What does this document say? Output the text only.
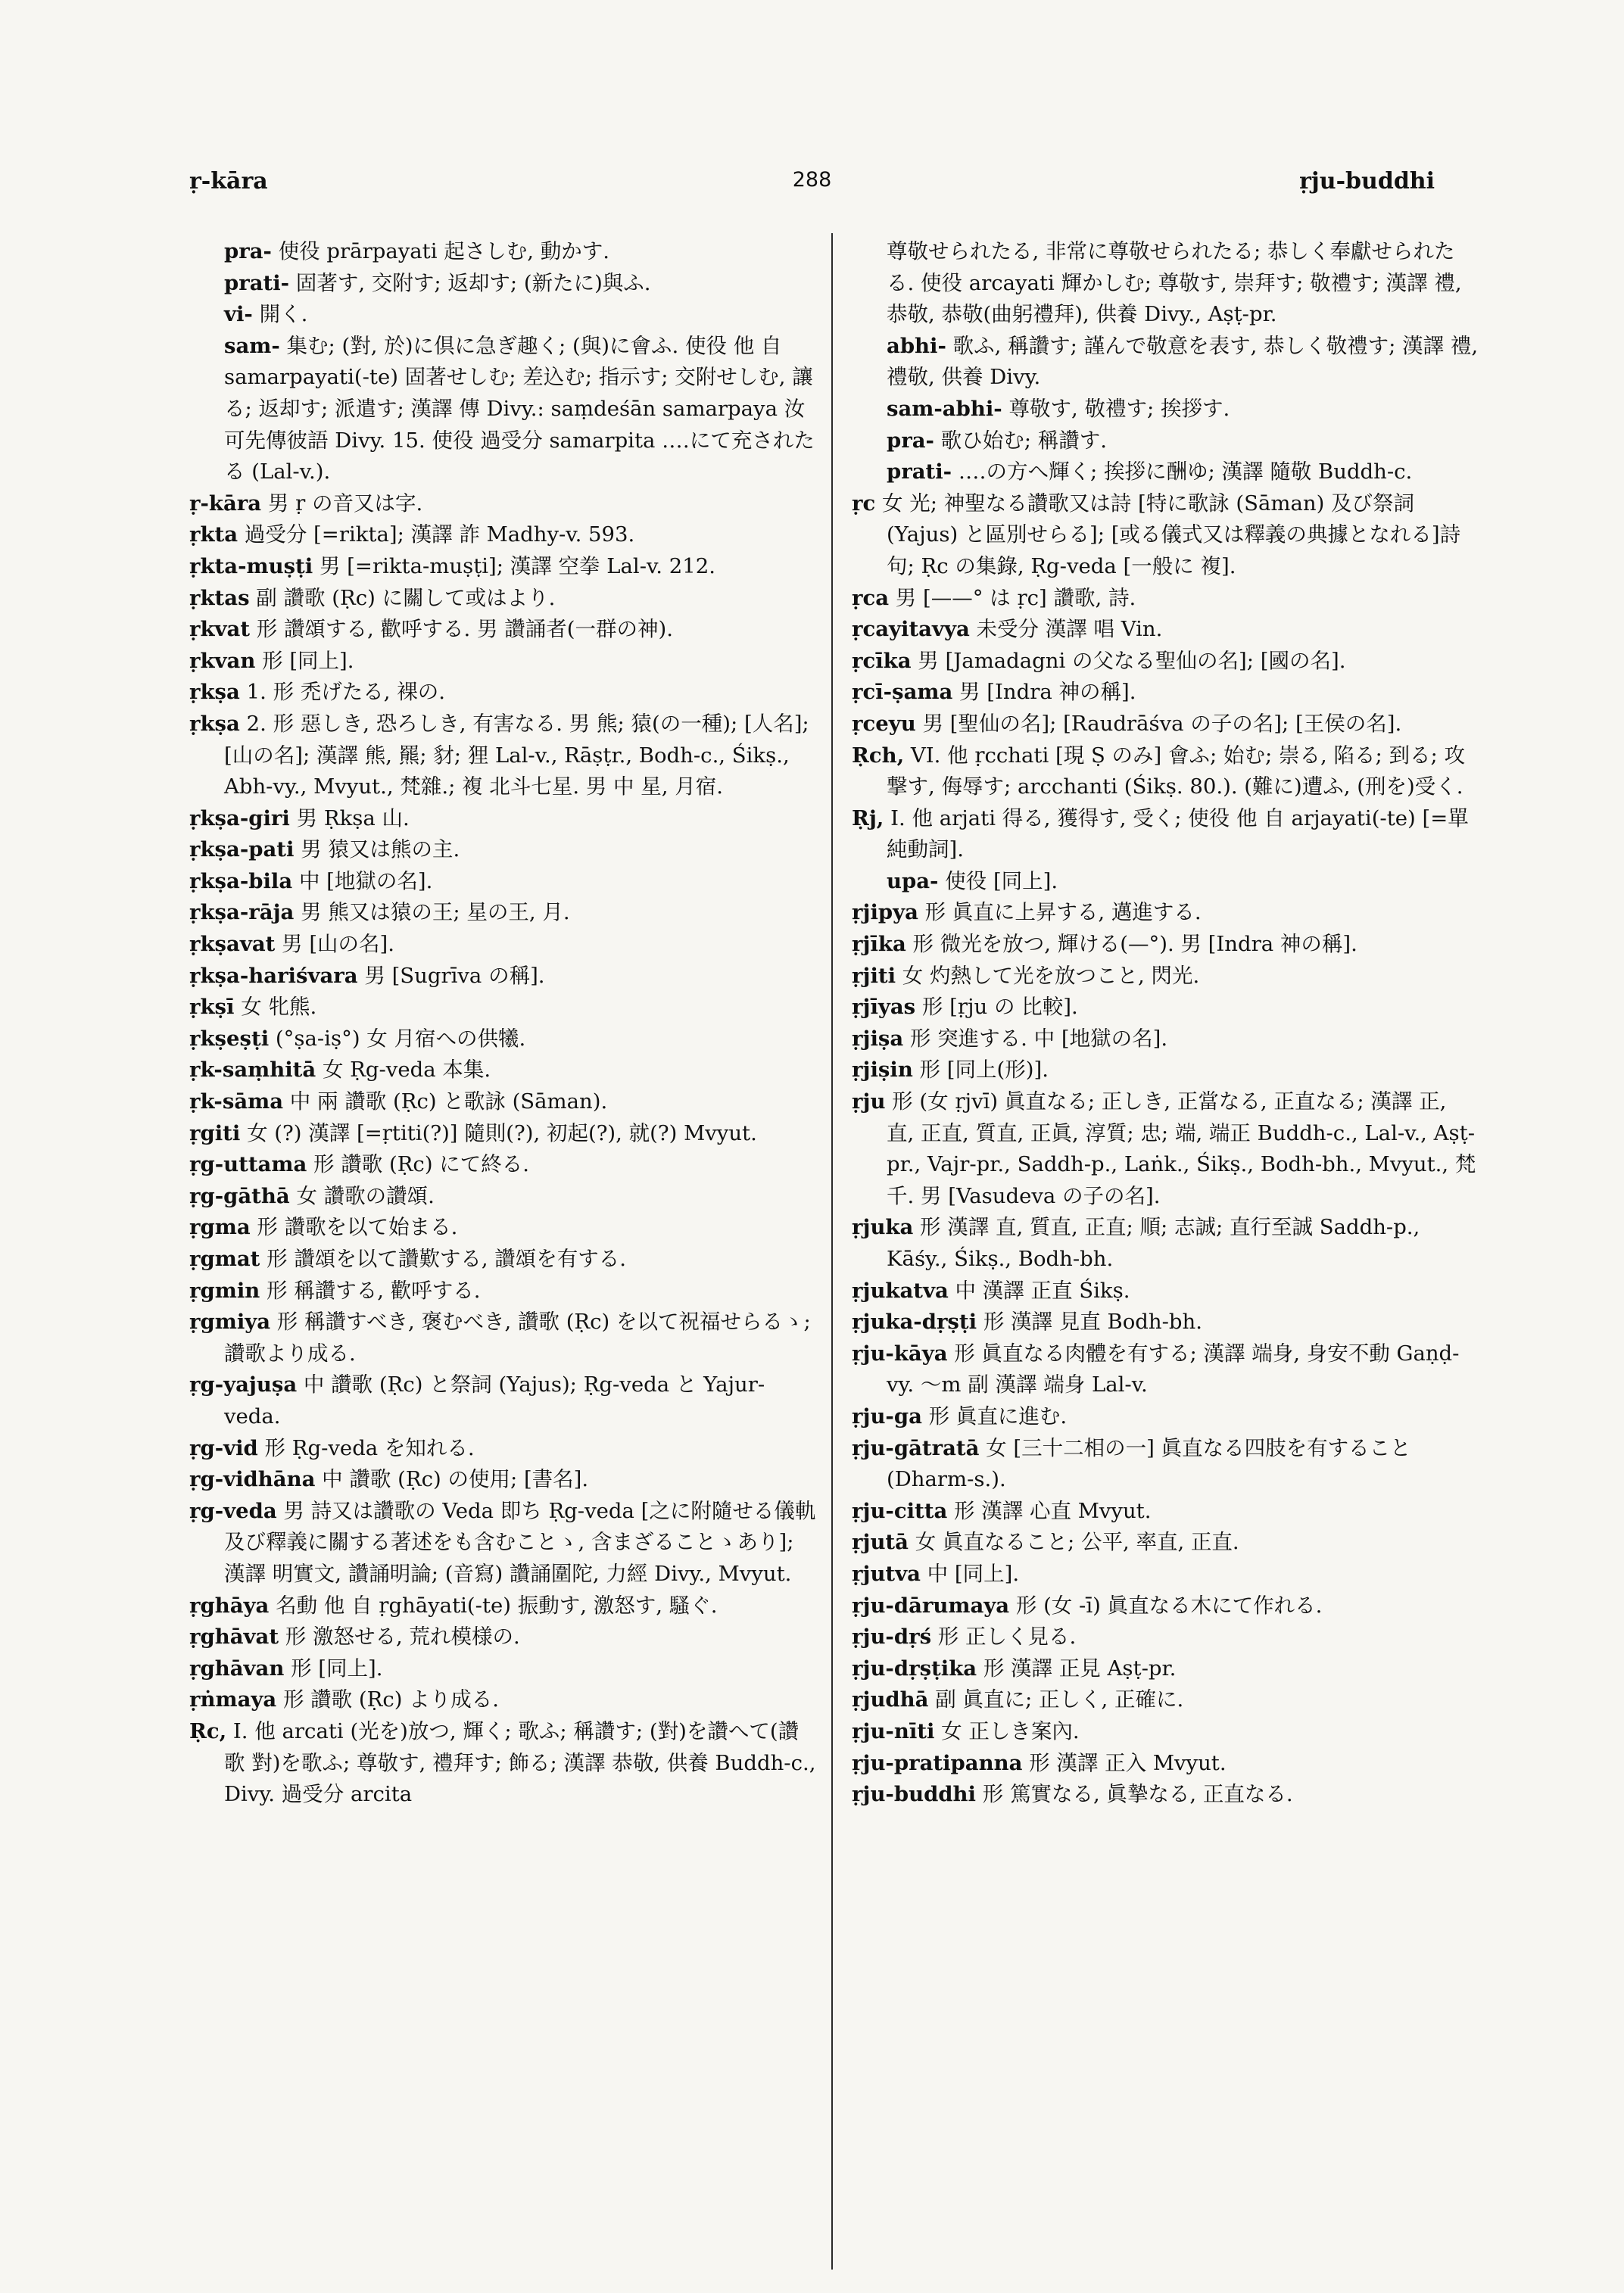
ṛ-kāra	288	ṛju-buddhi
pra- 使役 prārpayati 起さしむ, 動かす.
prati- 固著す, 交附す; 返却す; (新たに)與ふ.
vi- 開く.
sam- 集む; (對, 於)に倶に急ぎ趣く; (與)に會ふ. 使役 他 自 samarpayati(-te) 固著せしむ; 差込む; 指示す; 交附せしむ, 讓る; 返却す; 派遣す; 漢譯 傳 Divy.: saṃdeśān samarpaya 汝可先傳彼語 Divy. 15. 使役 過受分 samarpita ‥‥にて充されたる (Lal-v.).
ṛ-kāra 男 ṛ の音又は字.
ṛkta 過受分 [=rikta]; 漢譯 詐 Madhy-v. 593.
ṛkta-muṣṭi 男 [=rikta-muṣṭi]; 漢譯 空拳 Lal-v. 212.
ṛktas 副 讚歌 (Ṛc) に關して或はより.
ṛkvat 形 讚頌する, 歡呼する. 男 讚誦者(一群の神).
ṛkvan 形 [同上].
ṛkṣa 1. 形 禿げたる, 裸の.
ṛkṣa 2. 形 惡しき, 恐ろしき, 有害なる. 男 熊; 猿(の一種); [人名]; [山の名]; 漢譯 熊, 羆; 豺; 狸 Lal-v., Rāṣṭr., Bodh-c., Śikṣ., Abh-vy., Mvyut., 梵雜.; 複 北斗七星. 男 中 星, 月宿.
ṛkṣa-giri 男 Ṛkṣa 山.
ṛkṣa-pati 男 猿又は熊の主.
ṛkṣa-bila 中 [地獄の名].
ṛkṣa-rāja 男 熊又は猿の王; 星の王, 月.
ṛkṣavat 男 [山の名].
ṛkṣa-hariśvara 男 [Sugrīva の稱].
ṛkṣī 女 牝熊.
ṛkṣeṣṭi (°ṣa-iṣ°) 女 月宿への供犧.
ṛk-saṃhitā 女 Ṛg-veda 本集.
ṛk-sāma 中 兩 讚歌 (Ṛc) と歌詠 (Sāman).
ṛgiti 女 (?) 漢譯 [=ṛtiti(?)] 隨則(?), 初起(?), 就(?) Mvyut.
ṛg-uttama 形 讚歌 (Ṛc) にて終る.
ṛg-gāthā 女 讚歌の讚頌.
ṛgma 形 讚歌を以て始まる.
ṛgmat 形 讚頌を以て讚歎する, 讚頌を有する.
ṛgmin 形 稱讚する, 歡呼する.
ṛgmiya 形 稱讚すべき, 褒むべき, 讚歌 (Ṛc) を以て祝福せらるゝ; 讚歌より成る.
ṛg-yajuṣa 中 讚歌 (Ṛc) と祭詞 (Yajus); Ṛg-veda と Yajur-veda.
ṛg-vid 形 Ṛg-veda を知れる.
ṛg-vidhāna 中 讚歌 (Ṛc) の使用; [書名].
ṛg-veda 男 詩又は讚歌の Veda 即ち Ṛg-veda [之に附隨せる儀軌及び釋義に關する著述をも含むことゝ, 含まざることゝあり]; 漢譯 明實文, 讚誦明論; (音寫) 讚誦圍陀, 力經 Divy., Mvyut.
ṛghāya 名動 他 自 ṛghāyati(-te) 振動す, 激怒す, 騷ぐ.
ṛghāvat 形 激怒せる, 荒れ模様の.
ṛghāvan 形 [同上].
ṛṅmaya 形 讚歌 (Ṛc) より成る.
Ṛc, I. 他 arcati (光を)放つ, 輝く; 歌ふ; 稱讚す; (對)を讚へて(讚歌 對)を歌ふ; 尊敬す, 禮拜す; 飾る; 漢譯 恭敬, 供養 Buddh-c., Divy. 過受分 arcita
尊敬せられたる, 非常に尊敬せられたる; 恭しく奉獻せられたる. 使役 arcayati 輝かしむ; 尊敬す, 崇拜す; 敬禮す; 漢譯 禮, 恭敬, 恭敬(曲躬禮拜), 供養 Divy., Aṣṭ-pr.
abhi- 歌ふ, 稱讚す; 謹んで敬意を表す, 恭しく敬禮す; 漢譯 禮, 禮敬, 供養 Divy.
sam-abhi- 尊敬す, 敬禮す; 挨拶す.
pra- 歌ひ始む; 稱讚す.
prati- ‥‥の方へ輝く; 挨拶に酬ゆ; 漢譯 隨敬 Buddh-c.
ṛc 女 光; 神聖なる讚歌又は詩 [特に歌詠 (Sāman) 及び祭詞 (Yajus) と區別せらる]; [或る儀式又は釋義の典據となれる]詩句; Ṛc の集錄, Ṛg-veda [一般に 複].
ṛca 男 [——° は ṛc] 讚歌, 詩.
ṛcayitavya 未受分 漢譯 唱 Vin.
ṛcīka 男 [Jamadagni の父なる聖仙の名]; [國の名].
ṛcī-ṣama 男 [Indra 神の稱].
ṛceyu 男 [聖仙の名]; [Raudrāśva の子の名]; [王侯の名].
Ṛch, VI. 他 ṛcchati [現 Ṣ のみ] 會ふ; 始む; 崇る, 陷る; 到る; 攻撃す, 侮辱す; arcchanti (Śikṣ. 80.). (難に)遭ふ, (刑を)受く.
Ṛj, I. 他 arjati 得る, 獲得す, 受く; 使役 他 自 arjayati(-te) [=單純動詞].
upa- 使役 [同上].
ṛjipya 形 眞直に上昇する, 邁進する.
ṛjīka 形 微光を放つ, 輝ける(—°). 男 [Indra 神の稱].
ṛjiti 女 灼熱して光を放つこと, 閃光.
ṛjīyas 形 [ṛju の 比較].
ṛjiṣa 形 突進する. 中 [地獄の名].
ṛjiṣin 形 [同上(形)].
ṛju 形 (女 ṛjvī) 眞直なる; 正しき, 正當なる, 正直なる; 漢譯 正, 直, 正直, 質直, 正眞, 淳質; 忠; 端, 端正 Buddh-c., Lal-v., Aṣṭ-pr., Vajr-pr., Saddh-p., Laṅk., Śikṣ., Bodh-bh., Mvyut., 梵千. 男 [Vasudeva の子の名].
ṛjuka 形 漢譯 直, 質直, 正直; 順; 志誠; 直行至誠 Saddh-p., Kāśy., Śikṣ., Bodh-bh.
ṛjukatva 中 漢譯 正直 Śikṣ.
ṛjuka-dṛṣṭi 形 漢譯 見直 Bodh-bh.
ṛju-kāya 形 眞直なる肉體を有する; 漢譯 端身, 身安不動 Gaṇḍ-vy. ～m 副 漢譯 端身 Lal-v.
ṛju-ga 形 眞直に進む.
ṛju-gātratā 女 [三十二相の一] 眞直なる四肢を有すること (Dharm-s.).
ṛju-citta 形 漢譯 心直 Mvyut.
ṛjutā 女 眞直なること; 公平, 率直, 正直.
ṛjutva 中 [同上].
ṛju-dārumaya 形 (女 -ī) 眞直なる木にて作れる.
ṛju-dṛś 形 正しく見る.
ṛju-dṛṣṭika 形 漢譯 正見 Aṣṭ-pr.
ṛjudhā 副 眞直に; 正しく, 正確に.
ṛju-nīti 女 正しき案內.
ṛju-pratipanna 形 漢譯 正入 Mvyut.
ṛju-buddhi 形 篤實なる, 眞摯なる, 正直なる.
